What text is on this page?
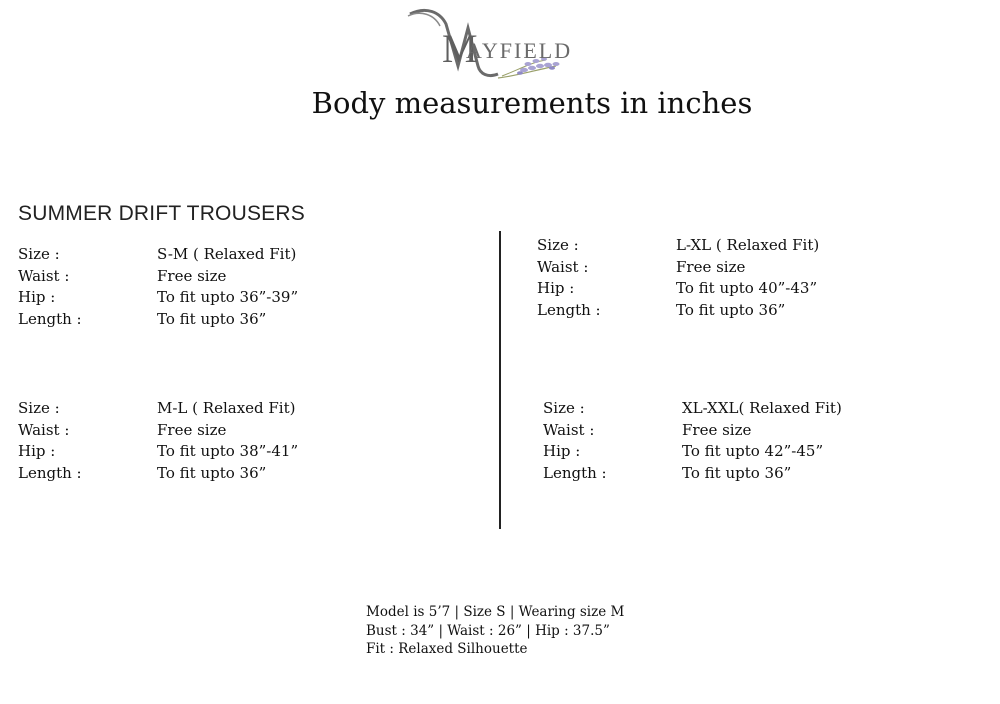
M
AYFIELD
Body measurements in inches
SUMMER DRIFT TROUSERS
Size :	S-M ( Relaxed Fit)
Waist :	Free size
Hip :	To fit upto 36”-39”
Length :	To fit upto 36”
Size :	L-XL ( Relaxed Fit)
Waist :	Free size
Hip :	To fit upto 40”-43”
Length :	To fit upto 36”
Size :	M-L ( Relaxed Fit)
Waist :	Free size
Hip :	To fit upto 38”-41”
Length :	To fit upto 36”
Size :	XL-XXL( Relaxed Fit)
Waist :	Free size
Hip :	To fit upto 42”-45”
Length :	To fit upto 36”
Model is 5’7 | Size S | Wearing size M
Bust : 34” | Waist : 26” | Hip : 37.5”
Fit : Relaxed Silhouette
